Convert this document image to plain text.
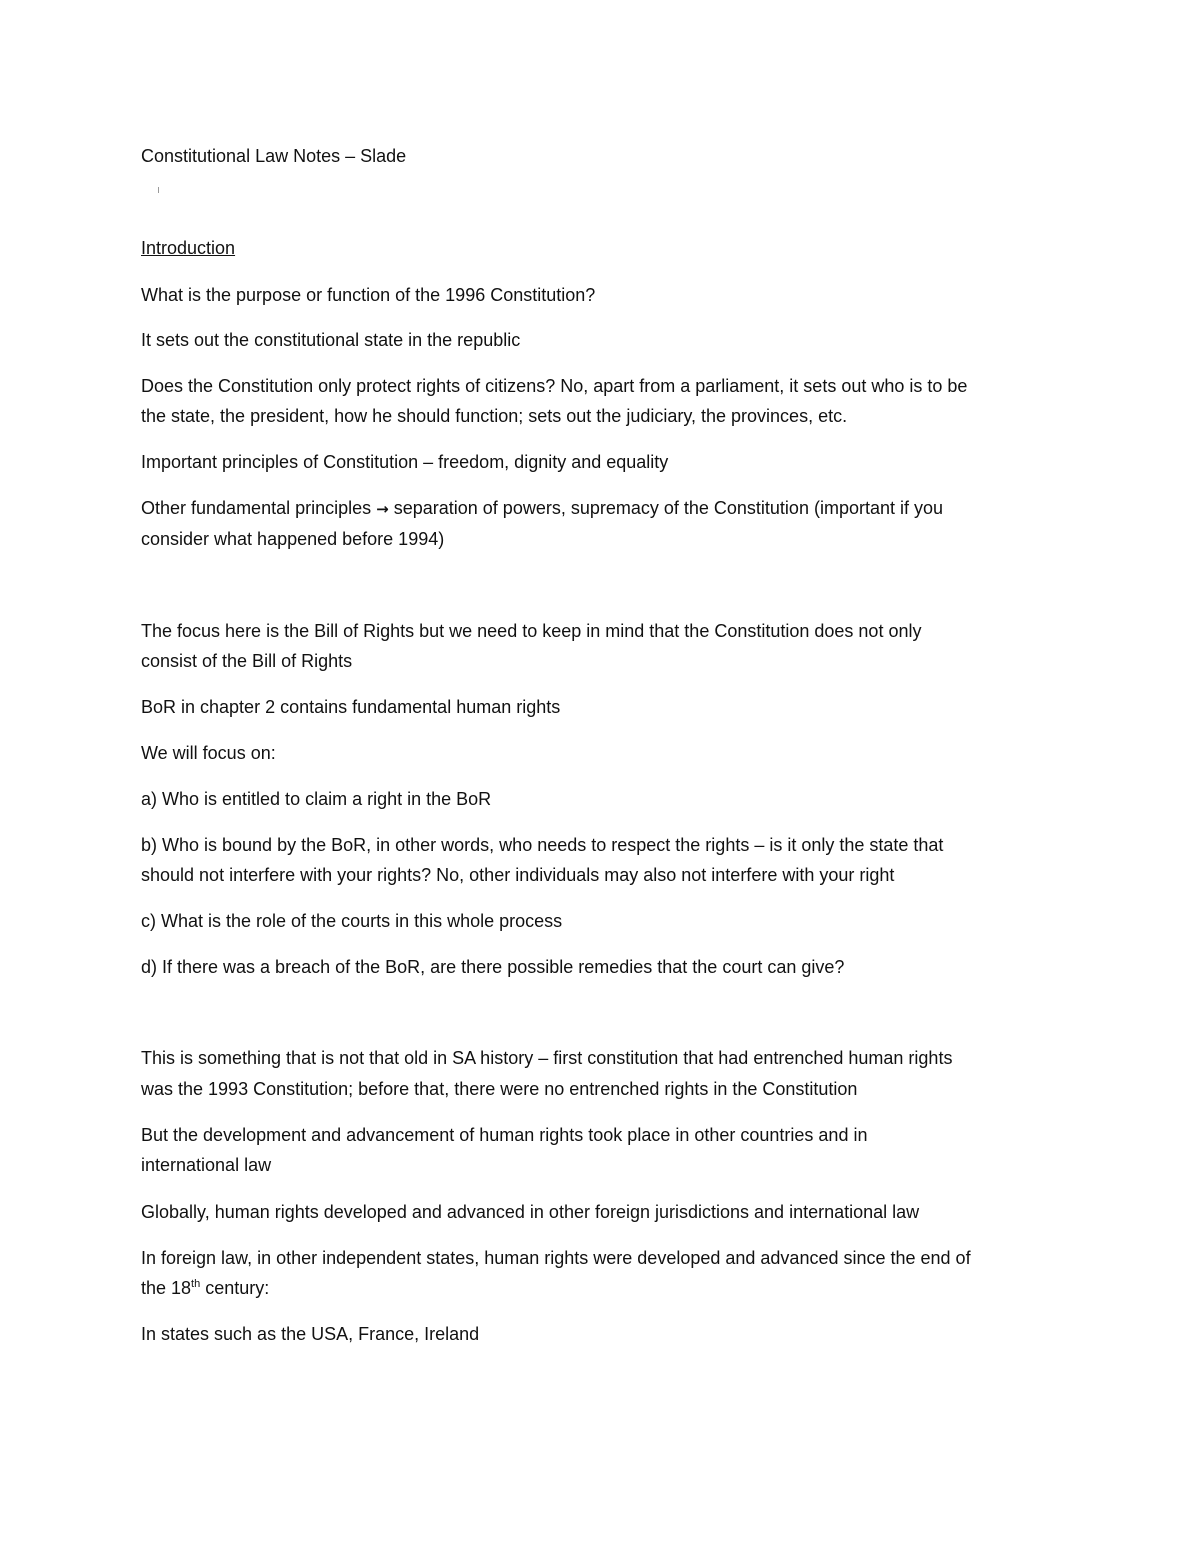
Constitutional Law Notes – Slade
Introduction
What is the purpose or function of the 1996 Constitution?
It sets out the constitutional state in the republic
Does the Constitution only protect rights of citizens? No, apart from a parliament, it sets out who is to be
the state, the president, how he should function; sets out the judiciary, the provinces, etc.
Important principles of Constitution – freedom, dignity and equality
Other fundamental principles → separation of powers, supremacy of the Constitution (important if you
consider what happened before 1994)
The focus here is the Bill of Rights but we need to keep in mind that the Constitution does not only
consist of the Bill of Rights
BoR in chapter 2 contains fundamental human rights
We will focus on:
a) Who is entitled to claim a right in the BoR
b) Who is bound by the BoR, in other words, who needs to respect the rights – is it only the state that
should not interfere with your rights? No, other individuals may also not interfere with your right
c) What is the role of the courts in this whole process
d) If there was a breach of the BoR, are there possible remedies that the court can give?
This is something that is not that old in SA history – first constitution that had entrenched human rights
was the 1993 Constitution; before that, there were no entrenched rights in the Constitution
But the development and advancement of human rights took place in other countries and in
international law
Globally, human rights developed and advanced in other foreign jurisdictions and international law
In foreign law, in other independent states, human rights were developed and advanced since the end of
the 18th century:
In states such as the USA, France, Ireland
